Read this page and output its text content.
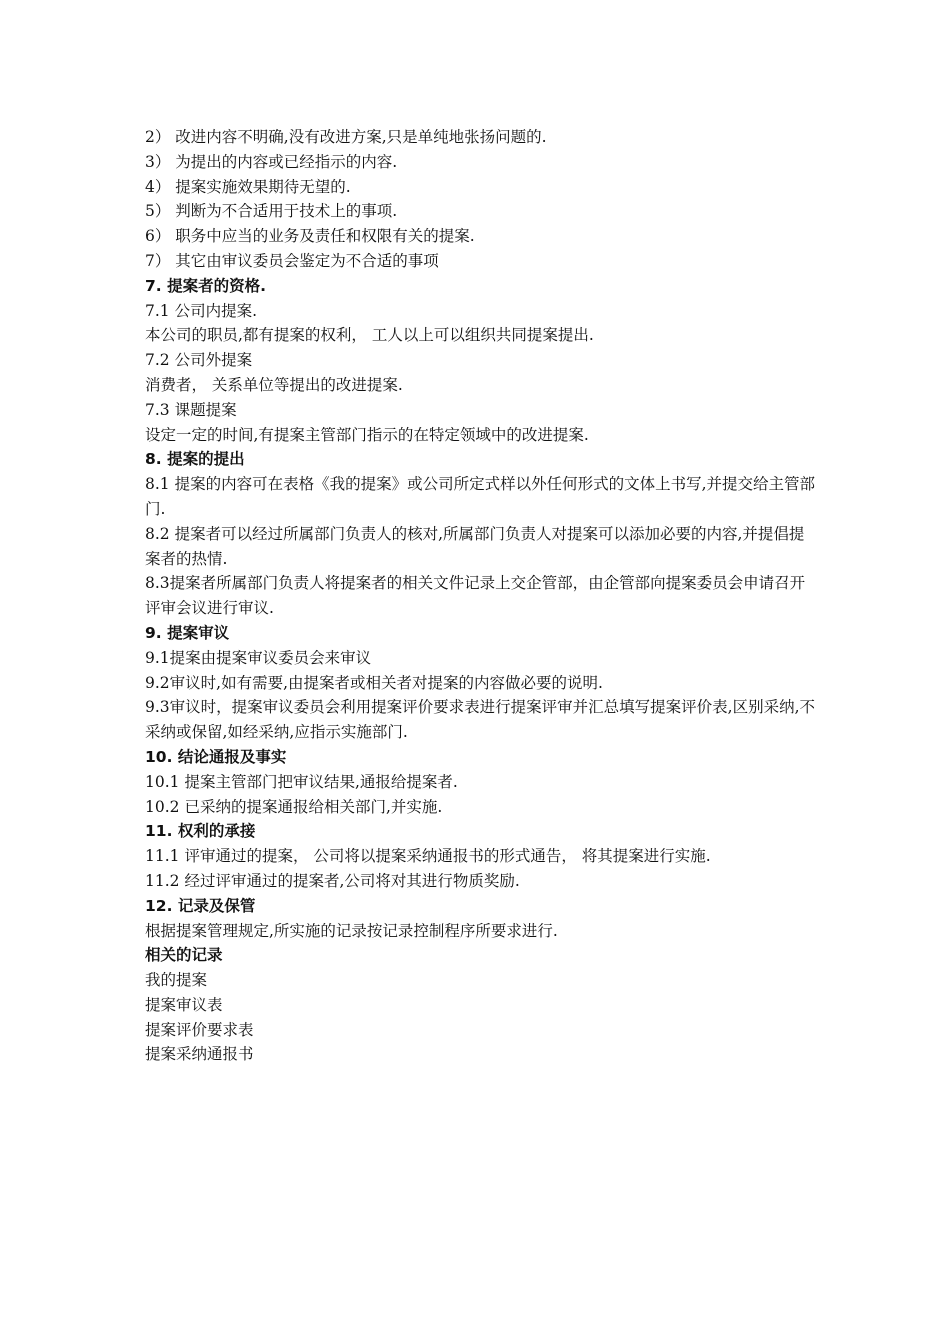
2） 改进内容不明确,没有改进方案,只是单纯地张扬问题的.

3） 为提出的内容或已经指示的内容.

4） 提案实施效果期待无望的.

5） 判断为不合适用于技术上的事项.

6） 职务中应当的业务及责任和权限有关的提案.

7） 其它由审议委员会鉴定为不合适的事项

7. 提案者的资格.

7.1 公司内提案.

本公司的职员,都有提案的权利， 工人以上可以组织共同提案提出.

7.2 公司外提案

消费者， 关系单位等提出的改进提案.

7.3 课题提案

设定一定的时间,有提案主管部门指示的在特定领域中的改进提案.

8. 提案的提出

8.1 提案的内容可在表格《我的提案》或公司所定式样以外任何形式的文体上书写,并提交给主管部门.

8.2 提案者可以经过所属部门负责人的核对,所属部门负责人对提案可以添加必要的内容,并提倡提案者的热情.

8.3提案者所属部门负责人将提案者的相关文件记录上交企管部，由企管部向提案委员会申请召开评审会议进行审议.

9. 提案审议

9.1提案由提案审议委员会来审议

9.2审议时,如有需要,由提案者或相关者对提案的内容做必要的说明.

9.3审议时，提案审议委员会利用提案评价要求表进行提案评审并汇总填写提案评价表,区别采纳,不采纳或保留,如经采纳,应指示实施部门.

10. 结论通报及事实

10.1 提案主管部门把审议结果,通报给提案者.

10.2 已采纳的提案通报给相关部门,并实施.

11. 权利的承接

11.1 评审通过的提案， 公司将以提案采纳通报书的形式通告， 将其提案进行实施.

11.2 经过评审通过的提案者,公司将对其进行物质奖励.

12. 记录及保管

根据提案管理规定,所实施的记录按记录控制程序所要求进行.

相关的记录

我的提案

提案审议表

提案评价要求表

提案采纳通报书
